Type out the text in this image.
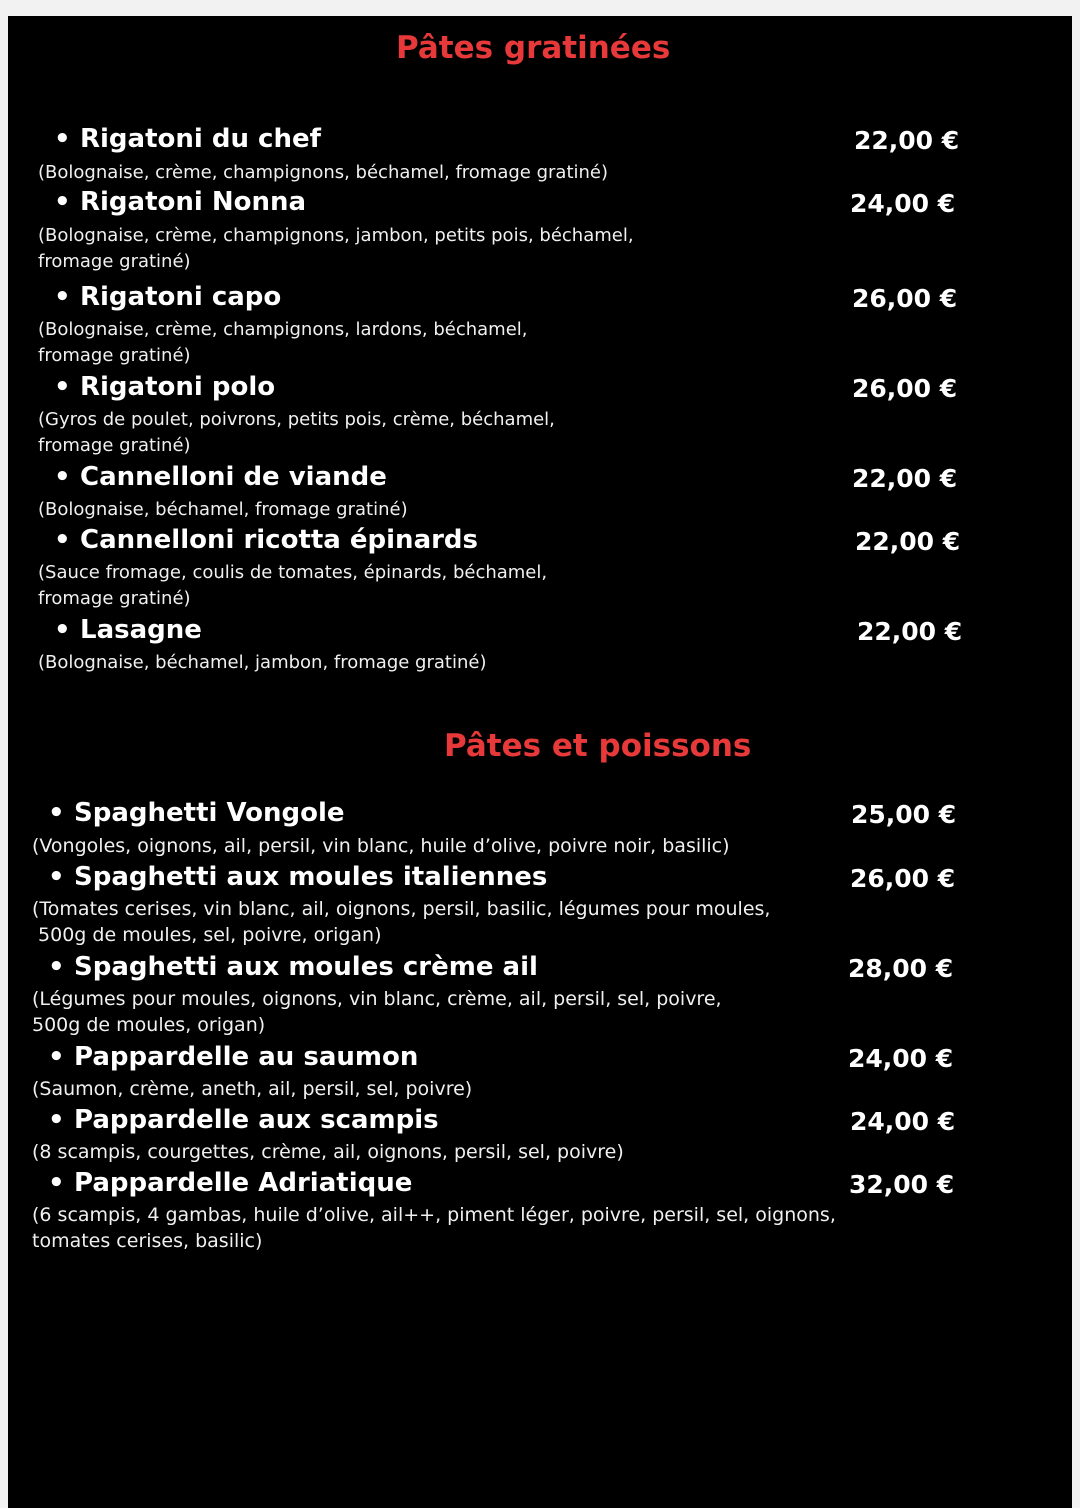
Pâtes gratinées
• Rigatoni du chef	22,00 €
(Bolognaise, crème, champignons, béchamel, fromage gratiné)
• Rigatoni Nonna	24,00 €
(Bolognaise, crème, champignons, jambon, petits pois, béchamel,
fromage gratiné)
• Rigatoni capo	26,00 €
(Bolognaise, crème, champignons, lardons, béchamel,
fromage gratiné)
• Rigatoni polo	26,00 €
(Gyros de poulet, poivrons, petits pois, crème, béchamel,
fromage gratiné)
• Cannelloni de viande	22,00 €
(Bolognaise, béchamel, fromage gratiné)
• Cannelloni ricotta épinards	22,00 €
(Sauce fromage, coulis de tomates, épinards, béchamel,
fromage gratiné)
• Lasagne	22,00 €
(Bolognaise, béchamel, jambon, fromage gratiné)
Pâtes et poissons
• Spaghetti Vongole	25,00 €
(Vongoles, oignons, ail, persil, vin blanc, huile d’olive, poivre noir, basilic)
• Spaghetti aux moules italiennes	26,00 €
(Tomates cerises, vin blanc, ail, oignons, persil, basilic, légumes pour moules,
500g de moules, sel, poivre, origan)
• Spaghetti aux moules crème ail	28,00 €
(Légumes pour moules, oignons, vin blanc, crème, ail, persil, sel, poivre,
500g de moules, origan)
• Pappardelle au saumon	24,00 €
(Saumon, crème, aneth, ail, persil, sel, poivre)
• Pappardelle aux scampis	24,00 €
(8 scampis, courgettes, crème, ail, oignons, persil, sel, poivre)
• Pappardelle Adriatique	32,00 €
(6 scampis, 4 gambas, huile d’olive, ail++, piment léger, poivre, persil, sel, oignons,
tomates cerises, basilic)
